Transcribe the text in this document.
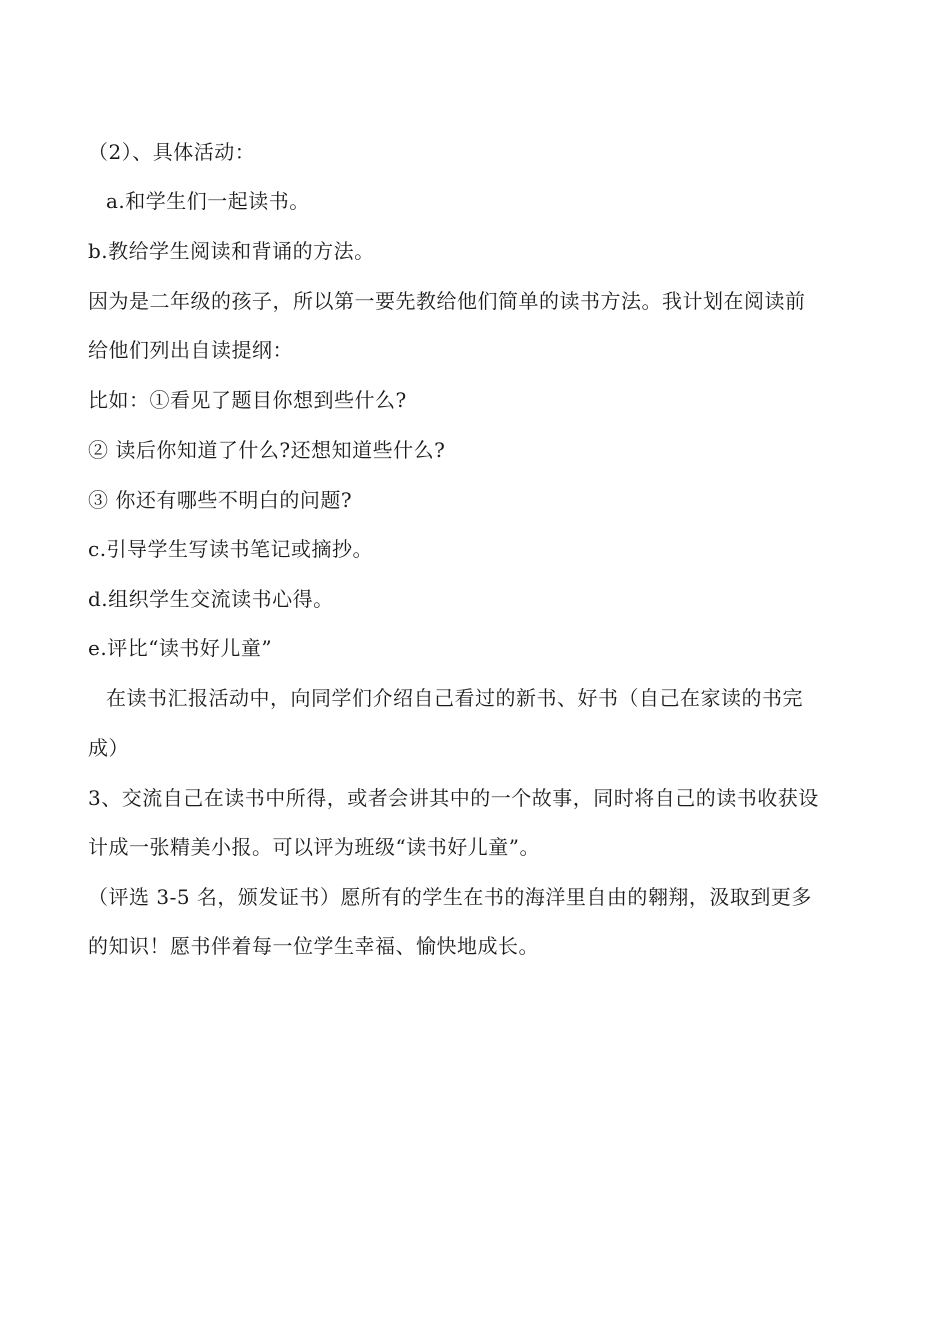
（2）、具体活动：
a.和学生们一起读书。
b.教给学生阅读和背诵的方法。
因为是二年级的孩子，所以第一要先教给他们简单的读书方法。我计划在阅读前
给他们列出自读提纲：
比如：①看见了题目你想到些什么?
② 读后你知道了什么?还想知道些什么?
③ 你还有哪些不明白的问题?
c.引导学生写读书笔记或摘抄。
d.组织学生交流读书心得。
e.评比“读书好儿童”
在读书汇报活动中，向同学们介绍自己看过的新书、好书（自己在家读的书完
成）
3、交流自己在读书中所得，或者会讲其中的一个故事，同时将自己的读书收获设
计成一张精美小报。可以评为班级“读书好儿童”。
（评选 3-5 名，颁发证书）愿所有的学生在书的海洋里自由的翱翔，汲取到更多
的知识！愿书伴着每一位学生幸福、愉快地成长。
